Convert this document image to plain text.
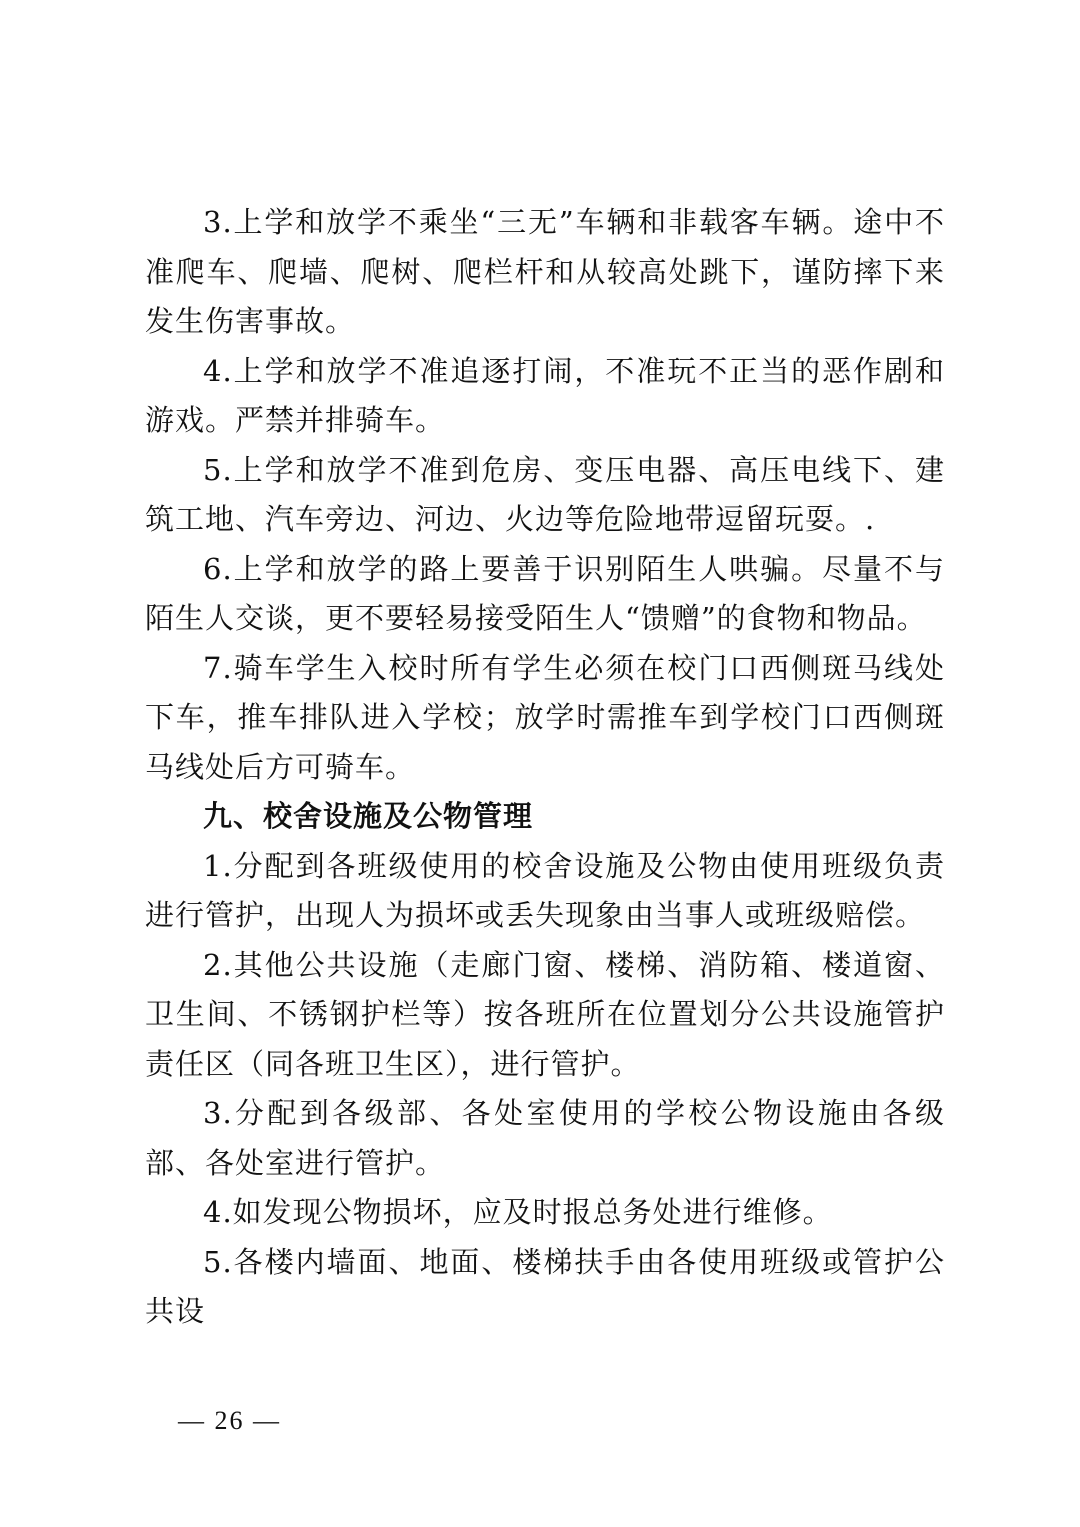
3.上学和放学不乘坐“三无”车辆和非载客车辆。途中不准爬车、爬墙、爬树、爬栏杆和从较高处跳下，谨防摔下来发生伤害事故。

4.上学和放学不准追逐打闹，不准玩不正当的恶作剧和游戏。严禁并排骑车。

5.上学和放学不准到危房、变压电器、高压电线下、建筑工地、汽车旁边、河边、火边等危险地带逗留玩耍。.

6.上学和放学的路上要善于识别陌生人哄骗。尽量不与陌生人交谈，更不要轻易接受陌生人“馈赠”的食物和物品。

7.骑车学生入校时所有学生必须在校门口西侧斑马线处下车，推车排队进入学校；放学时需推车到学校门口西侧斑马线处后方可骑车。

九、校舍设施及公物管理

1.分配到各班级使用的校舍设施及公物由使用班级负责进行管护，出现人为损坏或丢失现象由当事人或班级赔偿。

2.其他公共设施（走廊门窗、楼梯、消防箱、楼道窗、卫生间、不锈钢护栏等）按各班所在位置划分公共设施管护责任区（同各班卫生区），进行管护。

3.分配到各级部、各处室使用的学校公物设施由各级部、各处室进行管护。

4.如发现公物损坏，应及时报总务处进行维修。

5.各楼内墙面、地面、楼梯扶手由各使用班级或管护公共设

— 26 —
